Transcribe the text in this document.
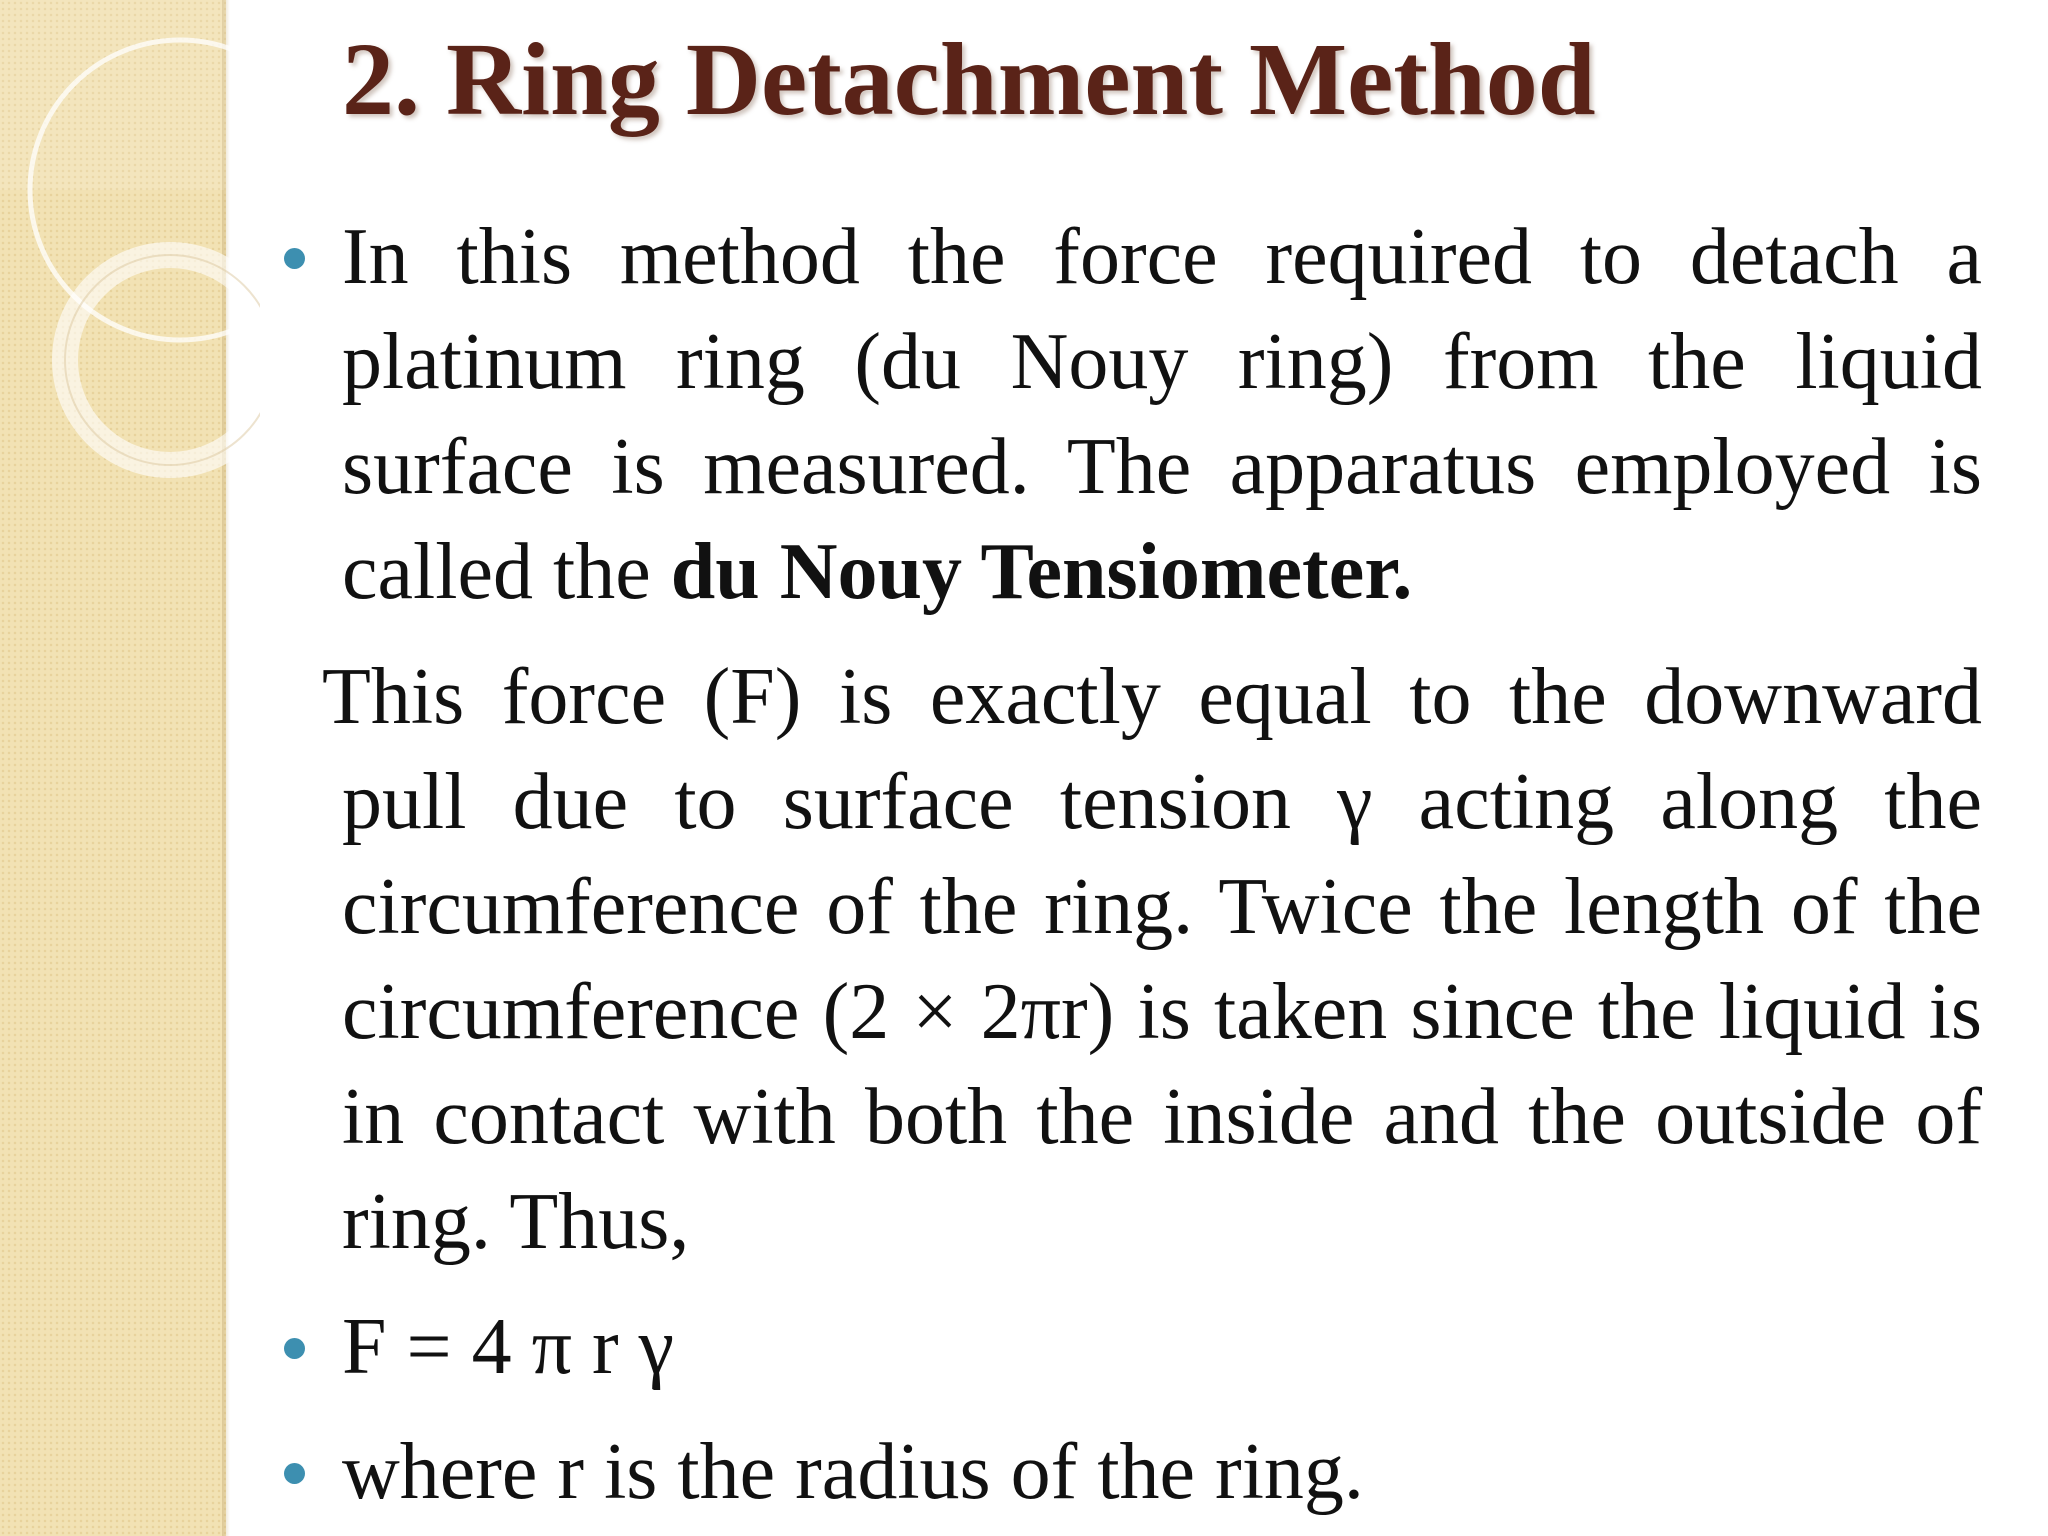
2. Ring Detachment Method

In this method the force required to detach a platinum ring (du Nouy ring) from the liquid surface is measured. The apparatus employed is called the du Nouy Tensiometer.

This force (F) is exactly equal to the downward pull due to surface tension γ acting along the circumference of the ring. Twice the length of the circumference (2 × 2πr) is taken since the liquid is in contact with both the inside and the outside of ring. Thus,

F = 4 π r γ

where r is the radius of the ring.
